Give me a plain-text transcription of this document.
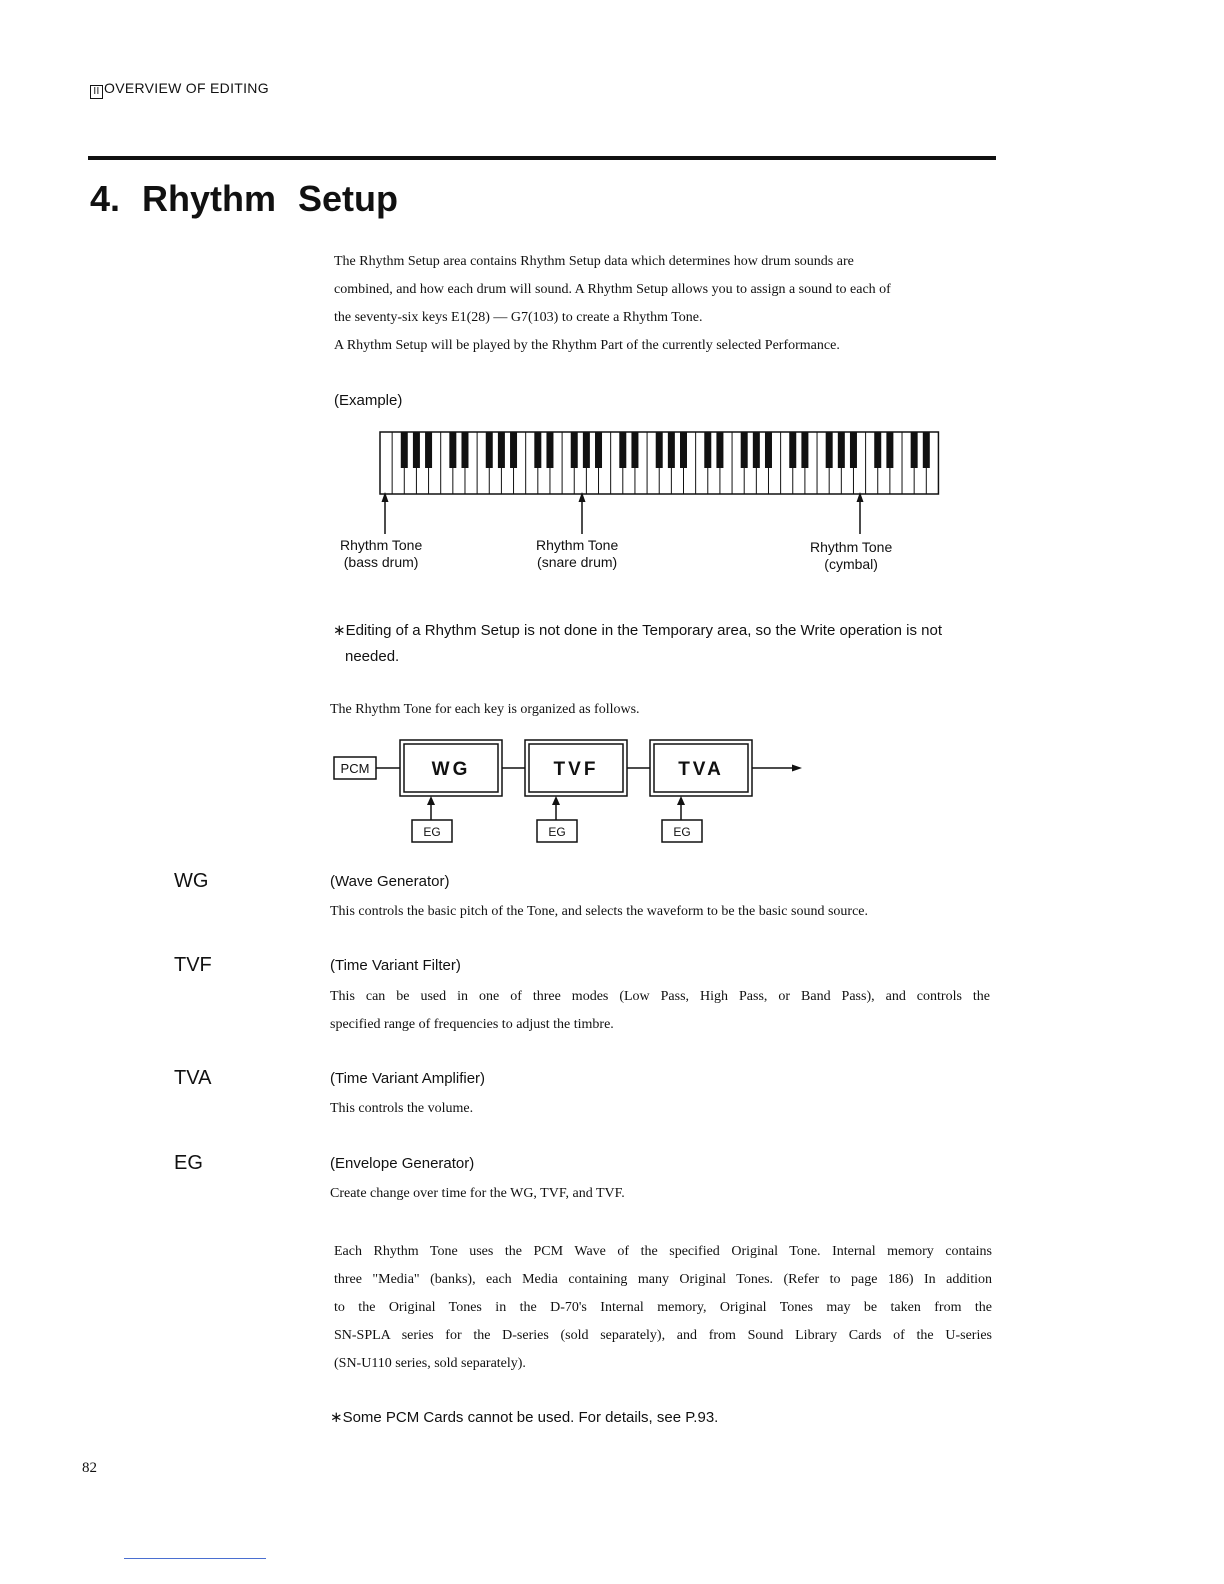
II OVERVIEW OF EDITING
4. Rhythm Setup
The Rhythm Setup area contains Rhythm Setup data which determines how drum sounds are
combined, and how each drum will sound. A Rhythm Setup allows you to assign a sound to each of
the seventy-six keys E1(28) — G7(103) to create a Rhythm Tone.
A Rhythm Setup will be played by the Rhythm Part of the currently selected Performance.
(Example)
Rhythm Tone
(bass drum)
Rhythm Tone
(snare drum)
Rhythm Tone
(cymbal)
∗Editing of a Rhythm Setup is not done in the Temporary area, so the Write operation is not
needed.
The Rhythm Tone for each key is organized as follows.
PCM	WG	TVF	TVA
EG	EG	EG
WG	(Wave Generator)
This controls the basic pitch of the Tone, and selects the waveform to be the basic sound source.
TVF	(Time Variant Filter)
This can be used in one of three modes (Low Pass, High Pass, or Band Pass), and controls the
specified range of frequencies to adjust the timbre.
TVA	(Time Variant Amplifier)
This controls the volume.
EG	(Envelope Generator)
Create change over time for the WG, TVF, and TVF.
Each Rhythm Tone uses the PCM Wave of the specified Original Tone. Internal memory contains
three "Media" (banks), each Media containing many Original Tones. (Refer to page 186) In addition
to the Original Tones in the D-70's Internal memory, Original Tones may be taken from the
SN-SPLA series for the D-series (sold separately), and from Sound Library Cards of the U-series
(SN-U110 series, sold separately).
∗Some PCM Cards cannot be used. For details, see P.93.
82
